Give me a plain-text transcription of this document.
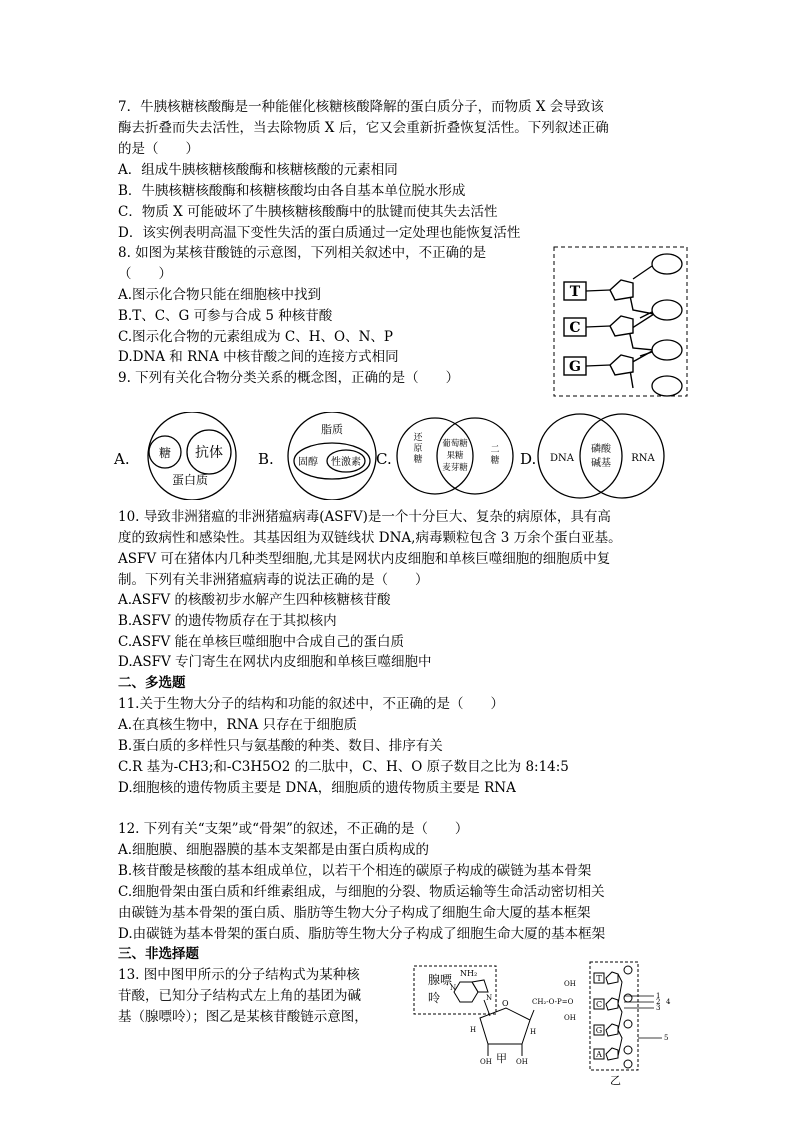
7．牛胰核糖核酸酶是一种能催化核糖核酸降解的蛋白质分子，而物质 X 会导致该
酶去折叠而失去活性，当去除物质 X 后，它又会重新折叠恢复活性。下列叙述正确
的是（　　）
A．组成牛胰核糖核酸酶和核糖核酸的元素相同
B．牛胰核糖核酸酶和核糖核酸均由各自基本单位脱水形成
C．物质 X 可能破坏了牛胰核糖核酸酶中的肽键而使其失去活性
D．该实例表明高温下变性失活的蛋白质通过一定处理也能恢复活性
8. 如图为某核苷酸链的示意图，下列相关叙述中，不正确的是
（　　）
A.图示化合物只能在细胞核中找到
B.T、C、G 可参与合成 5 种核苷酸
C.图示化合物的元素组成为 C、H、O、N、P
D.DNA 和 RNA 中核苷酸之间的连接方式相同
T
C
G
9. 下列有关化合物分类关系的概念图，正确的是（　　）
A. 糖 抗体
蛋白质
B.
脂质
固醇 性激素 C.
还原糖
葡萄糖
果糖
麦芽糖
二糖 D. DNA
磷酸
碱基 RNA
10. 导致非洲猪瘟的非洲猪瘟病毒(ASFV)是一个十分巨大、复杂的病原体，具有高
度的致病性和感染性。其基因组为双链线状 DNA,病毒颗粒包含 3 万余个蛋白亚基。
ASFV 可在猪体内几种类型细胞,尤其是网状内皮细胞和单核巨噬细胞的细胞质中复
制。下列有关非洲猪瘟病毒的说法正确的是（　　）
A.ASFV 的核酸初步水解产生四种核糖核苷酸
B.ASFV 的遗传物质存在于其拟核内
C.ASFV 能在单核巨噬细胞中合成自己的蛋白质
D.ASFV 专门寄生在网状内皮细胞和单核巨噬细胞中
二、多选题
11.关于生物大分子的结构和功能的叙述中，不正确的是（　　）
A.在真核生物中，RNA 只存在于细胞质
B.蛋白质的多样性只与氨基酸的种类、数目、排序有关
C.R 基为-CH3;和-C3H5O2 的二肽中，C、H、O 原子数目之比为 8:14:5
D.细胞核的遗传物质主要是 DNA，细胞质的遗传物质主要是 RNA
12. 下列有关“支架”或“骨架”的叙述，不正确的是（　　）
A.细胞膜、细胞器膜的基本支架都是由蛋白质构成的
B.核苷酸是核酸的基本组成单位，以若干个相连的碳原子构成的碳链为基本骨架
C.细胞骨架由蛋白质和纤维素组成，与细胞的分裂、物质运输等生命活动密切相关
由碳链为基本骨架的蛋白质、脂肪等生物大分子构成了细胞生命大厦的基本框架
D.由碳链为基本骨架的蛋白质、脂肪等生物大分子构成了细胞生命大厦的基本框架
三、非选择题
13. 图中图甲所示的分子结构式为某种核
苷酸，已知分子结构式左上角的基团为碱
基（腺嘌呤）；图乙是某核苷酸链示意图，
腺嘌
呤
NH₂
N
N
O
H	H
OH	OH
CH₂-O-P=O
OH
OH
甲
T
C
G
A
1
2
3
4
5
乙
